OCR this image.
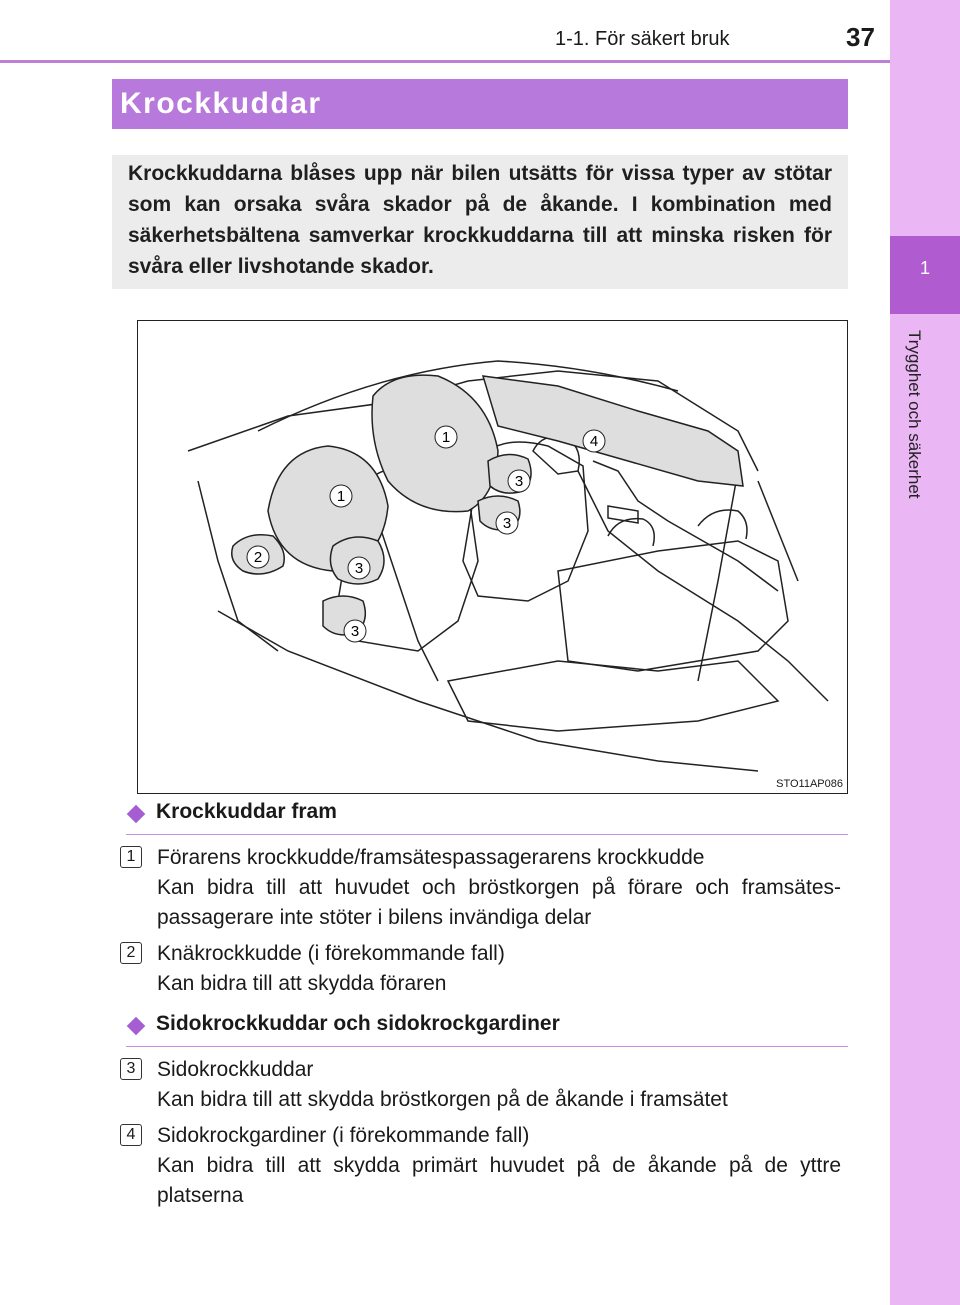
1-1. För säkert bruk	37
1
Trygghet och säkerhet
Krockkuddar
Krockkuddarna blåses upp när bilen utsätts för vissa typer av stötar som kan orsaka svåra skador på de åkande. I kombination med säkerhetsbältena samverkar krockkuddarna till att minska risken för svåra eller livshotande skador.
1
1
2
3
3
3
3
4
STO11AP086
Krockkuddar fram
1	Förarens krockkudde/framsätespassagerarens krockkudde
Kan bidra till att huvudet och bröstkorgen på förare och framsätes-
passagerare inte stöter i bilens invändiga delar
2	Knäkrockkudde (i förekommande fall)
Kan bidra till att skydda föraren
Sidokrockkuddar och sidokrockgardiner
3	Sidokrockkuddar
Kan bidra till att skydda bröstkorgen på de åkande i framsätet
4	Sidokrockgardiner (i förekommande fall)
Kan bidra till att skydda primärt huvudet på de åkande på de yttre
platserna
